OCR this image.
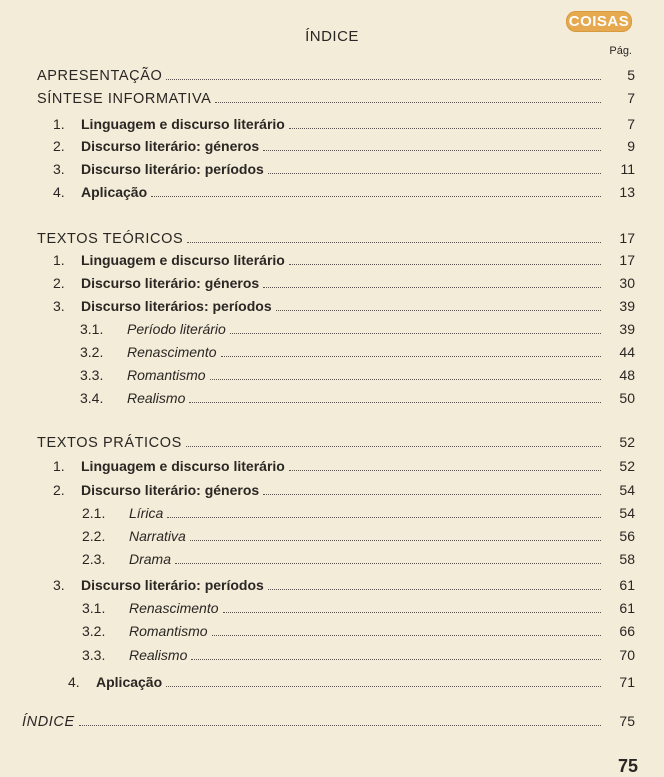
COISAS
ÍNDICE
Pág.
APRESENTAÇÃO	5
SÍNTESE INFORMATIVA	7
1.	Linguagem e discurso literário	7
2.	Discurso literário: géneros	9
3.	Discurso literário: períodos	11
4.	Aplicação	13
TEXTOS TEÓRICOS	17
1.	Linguagem e discurso literário	17
2.	Discurso literário: géneros	30
3.	Discurso literários: períodos	39
3.1.	Período literário	39
3.2.	Renascimento	44
3.3.	Romantismo	48
3.4.	Realismo	50
TEXTOS PRÁTICOS	52
1.	Linguagem e discurso literário	52
2.	Discurso literário: géneros	54
2.1.	Lírica	54
2.2.	Narrativa	56
2.3.	Drama	58
3.	Discurso literário: períodos	61
3.1.	Renascimento	61
3.2.	Romantismo	66
3.3.	Realismo	70
4.	Aplicação	71
ÍNDICE	75
75
